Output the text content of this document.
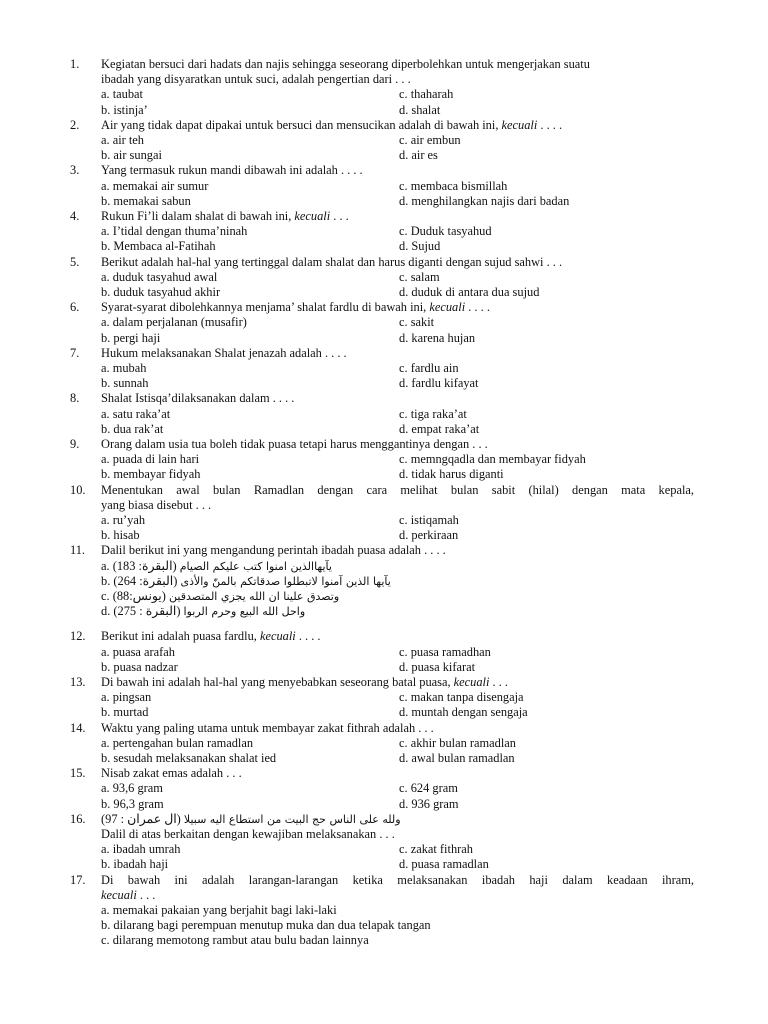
1. Kegiatan bersuci dari hadats dan najis sehingga seseorang diperbolehkan untuk mengerjakan suatu
ibadah yang disyaratkan untuk suci, adalah pengertian dari . . .
a. taubat	c. thaharah
b. istinja’	d. shalat
2. Air yang tidak dapat dipakai untuk bersuci dan mensucikan adalah di bawah ini, kecuali . . . .
a. air teh	c. air embun
b. air sungai	d. air es
3. Yang termasuk rukun mandi dibawah ini adalah . . . .
a. memakai air sumur	c. membaca bismillah
b. memakai sabun	d. menghilangkan najis dari badan
4. Rukun Fi’li dalam shalat di bawah ini, kecuali . . .
a. I’tidal dengan thuma’ninah	c. Duduk tasyahud
b. Membaca al-Fatihah	d. Sujud
5. Berikut adalah hal-hal yang tertinggal dalam shalat dan harus diganti dengan sujud sahwi . . .
a. duduk tasyahud awal	c. salam
b. duduk tasyahud akhir	d. duduk di antara dua sujud
6. Syarat-syarat dibolehkannya menjama’ shalat fardlu di bawah ini, kecuali . . . .
a. dalam perjalanan (musafir)	c. sakit
b. pergi haji	d. karena hujan
7. Hukum melaksanakan Shalat jenazah adalah . . . .
a. mubah	c. fardlu ain
b. sunnah	d. fardlu kifayat
8. Shalat Istisqa’dilaksanakan dalam . . . .
a. satu raka’at	c. tiga raka’at
b. dua rak’at	d. empat raka’at
9. Orang dalam usia tua boleh tidak puasa tetapi harus menggantinya dengan . . .
a. puada di lain hari	c. memngqadla dan membayar fidyah
b. membayar fidyah	d. tidak harus diganti
10. Menentukan awal bulan Ramadlan dengan cara melihat bulan sabit (hilal) dengan mata kepala,
yang biasa disebut . . .
a. ru’yah	c. istiqamah
b. hisab	d. perkiraan
11. Dalil berikut ini yang mengandung perintah ibadah puasa adalah . . . .
a. (183 :البقرة) يآيهاالذين امنوا كتب عليكم الصيام
b. (264 :البقرة) يآيها الذين آمنوا لاتبطلوا صدقاتكم بالمنّ والأذى
c. (88:يونس) وتصدق علينا ان الله يجزي المتصدقين
d. (275 : البقرة) واحل الله البيع وحرم الربوا
12. Berikut ini adalah puasa fardlu, kecuali . . . .
a. puasa arafah	c. puasa ramadhan
b. puasa nadzar	d. puasa kifarat
13. Di bawah ini adalah hal-hal yang menyebabkan seseorang batal puasa, kecuali . . .
a. pingsan	c. makan tanpa disengaja
b. murtad	d. muntah dengan sengaja
14. Waktu yang paling utama untuk membayar zakat fithrah adalah . . .
a. pertengahan bulan ramadlan	c. akhir bulan ramadlan
b. sesudah melaksanakan shalat ied	d. awal bulan ramadlan
15. Nisab zakat emas adalah . . .
a. 93,6 gram	c. 624 gram
b. 96,3 gram	d. 936 gram
16. (97 : ال عمران) ولله على الناس حج البيت من استطاع اليه سبيلا
Dalil di atas berkaitan dengan kewajiban melaksanakan . . .
a. ibadah umrah	c. zakat fithrah
b. ibadah haji	d. puasa ramadlan
17. Di bawah ini adalah larangan-larangan ketika melaksanakan ibadah haji dalam keadaan ihram,
kecuali . . .
a. memakai pakaian yang berjahit bagi laki-laki
b. dilarang bagi perempuan menutup muka dan dua telapak tangan
c. dilarang memotong rambut atau bulu badan lainnya
